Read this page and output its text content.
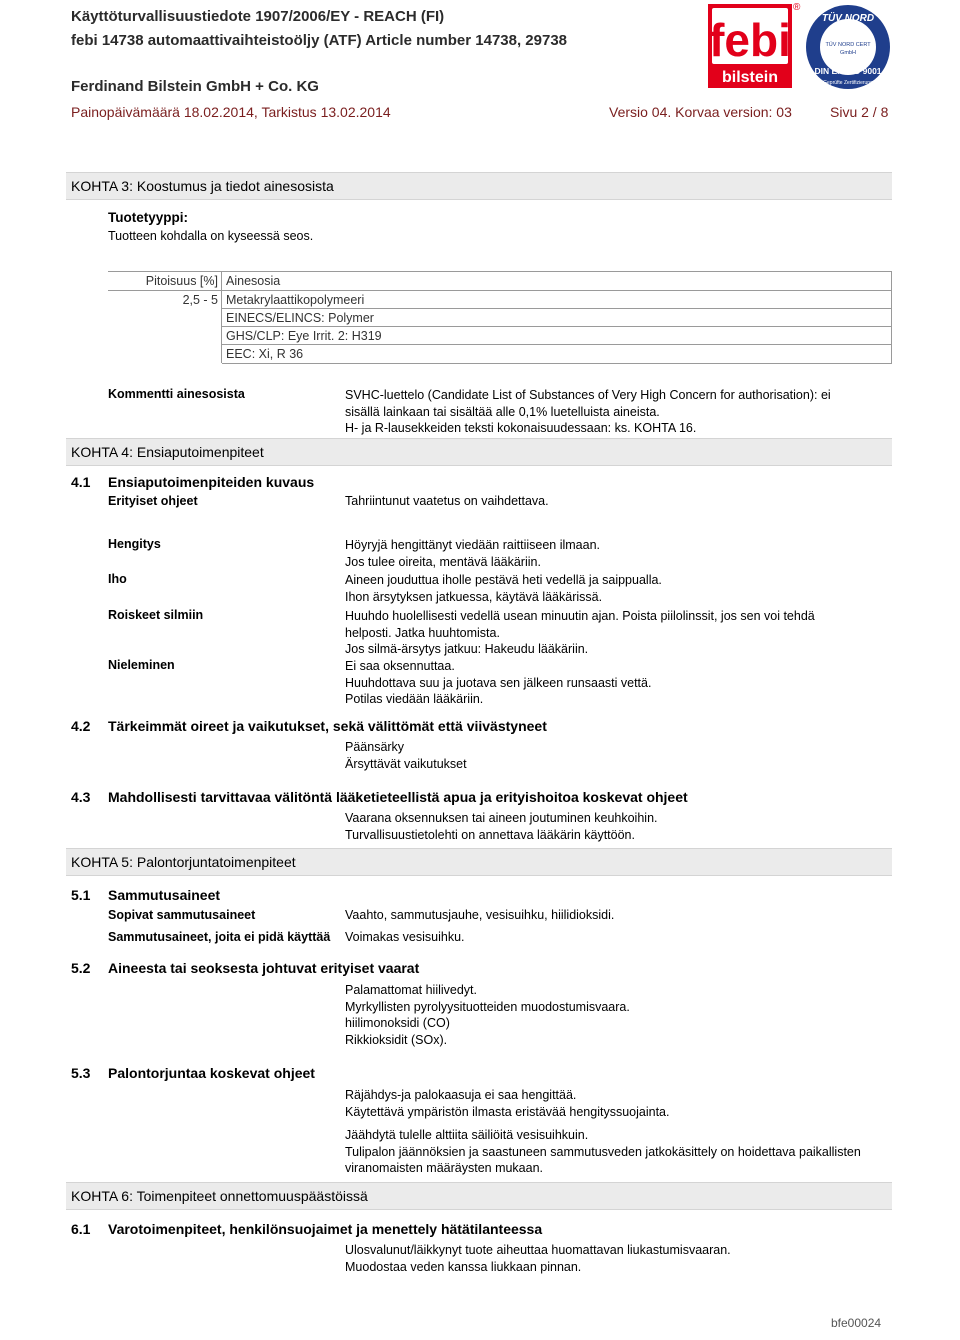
Käyttöturvallisuustiedote 1907/2006/EY - REACH (FI)
febi 14738 automaattivaihteistoöljy (ATF) Article number 14738, 29738
Ferdinand Bilstein GmbH + Co. KG
Painopäivämäärä 18.02.2014, Tarkistus 13.02.2014	Versio 04. Korvaa version: 03	Sivu 2 / 8
febi
bilstein
®
TÜV NORD
TÜV NORD CERT
GmbH
DIN EN ISO 9001
Geprüfte Zertifizierung
KOHTA 3: Koostumus ja tiedot ainesosista
Tuotetyyppi:
Tuotteen kohdalla on kyseessä seos.
Pitoisuus [%] Ainesosia
2,5 - 5 Metakrylaattikopolymeeri
EINECS/ELINCS: Polymer
GHS/CLP: Eye Irrit. 2: H319
EEC: Xi, R 36
Kommentti ainesosista	SVHC-luettelo (Candidate List of Substances of Very High Concern for authorisation): ei
sisällä lainkaan tai sisältää alle 0,1% luetelluista aineista.
H- ja R-lausekkeiden teksti kokonaisuudessaan: ks. KOHTA 16.
KOHTA 4: Ensiaputoimenpiteet
4.1 Ensiaputoimenpiteiden kuvaus
Erityiset ohjeet	Tahriintunut vaatetus on vaihdettava.
Hengitys	Höyryjä hengittänyt viedään raittiiseen ilmaan.
Jos tulee oireita, mentävä lääkäriin.
Iho	Aineen jouduttua iholle pestävä heti vedellä ja saippualla.
Ihon ärsytyksen jatkuessa, käytävä lääkärissä.
Roiskeet silmiin	Huuhdo huolellisesti vedellä usean minuutin ajan. Poista piilolinssit, jos sen voi tehdä
helposti. Jatka huuhtomista.
Jos silmä-ärsytys jatkuu: Hakeudu lääkäriin.
Nieleminen	Ei saa oksennuttaa.
Huuhdottava suu ja juotava sen jälkeen runsaasti vettä.
Potilas viedään lääkäriin.
4.2 Tärkeimmät oireet ja vaikutukset, sekä välittömät että viivästyneet
Päänsärky
Ärsyttävät vaikutukset
4.3 Mahdollisesti tarvittavaa välitöntä lääketieteellistä apua ja erityishoitoa koskevat ohjeet
Vaarana oksennuksen tai aineen joutuminen keuhkoihin.
Turvallisuustietolehti on annettava lääkärin käyttöön.
KOHTA 5: Palontorjuntatoimenpiteet
5.1 Sammutusaineet
Sopivat sammutusaineet	Vaahto, sammutusjauhe, vesisuihku, hiilidioksidi.
Sammutusaineet, joita ei pidä käyttää Voimakas vesisuihku.
5.2 Aineesta tai seoksesta johtuvat erityiset vaarat
Palamattomat hiilivedyt.
Myrkyllisten pyrolyysituotteiden muodostumisvaara.
hiilimonoksidi (CO)
Rikkioksidit (SOx).
5.3 Palontorjuntaa koskevat ohjeet
Räjähdys-ja palokaasuja ei saa hengittää.
Käytettävä ympäristön ilmasta eristävää hengityssuojainta.
Jäähdytä tulelle alttiita säiliöitä vesisuihkuin.
Tulipalon jäännöksien ja saastuneen sammutusveden jatkokäsittely on hoidettava paikallisten
viranomaisten määräysten mukaan.
KOHTA 6: Toimenpiteet onnettomuuspäästöissä
6.1 Varotoimenpiteet, henkilönsuojaimet ja menettely hätätilanteessa
Ulosvalunut/läikkynyt tuote aiheuttaa huomattavan liukastumisvaaran.
Muodostaa veden kanssa liukkaan pinnan.
bfe00024
